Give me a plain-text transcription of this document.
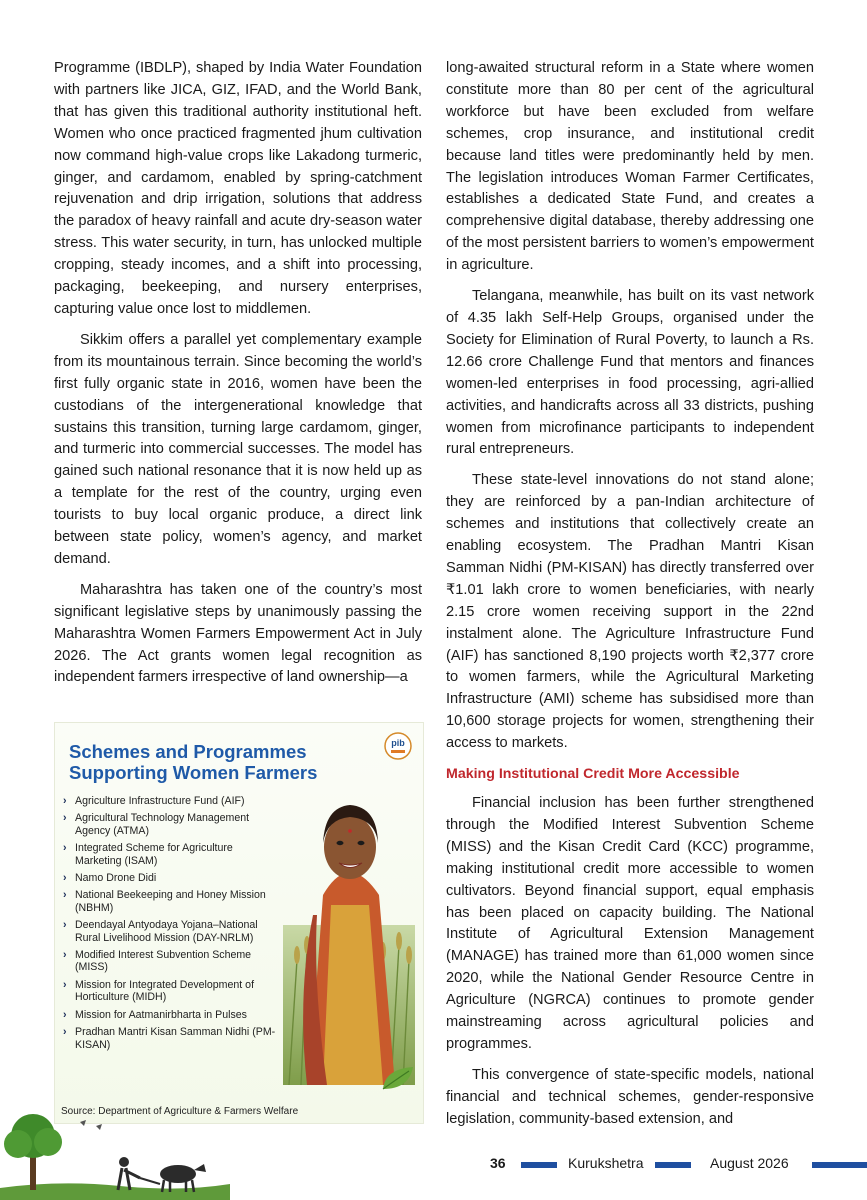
Programme (IBDLP), shaped by India Water Foundation with partners like JICA, GIZ, IFAD, and the World Bank, that has given this traditional authority institutional heft. Women who once practiced fragmented jhum cultivation now command high-value crops like Lakadong turmeric, ginger, and cardamom, enabled by spring-catchment rejuvenation and drip irrigation, solutions that address the paradox of heavy rainfall and acute dry-season water stress. This water security, in turn, has unlocked multiple cropping, steady incomes, and a shift into processing, packaging, beekeeping, and nursery enterprises, capturing value once lost to middlemen.

Sikkim offers a parallel yet complementary example from its mountainous terrain. Since becoming the world’s first fully organic state in 2016, women have been the custodians of the intergenerational knowledge that sustains this transition, turning large cardamom, ginger, and turmeric into commercial successes. The model has gained such national resonance that it is now held up as a template for the rest of the country, urging even tourists to buy local organic produce, a direct link between state policy, women’s agency, and market demand.

Maharashtra has taken one of the country’s most significant legislative steps by unanimously passing the Maharashtra Women Farmers Empowerment Act in July 2026. The Act grants women legal recognition as independent farmers irrespective of land ownership—a

long-awaited structural reform in a State where women constitute more than 80 per cent of the agricultural workforce but have been excluded from welfare schemes, crop insurance, and institutional credit because land titles were predominantly held by men. The legislation introduces Woman Farmer Certificates, establishes a dedicated State Fund, and creates a comprehensive digital database, thereby addressing one of the most persistent barriers to women’s empowerment in agriculture.

Telangana, meanwhile, has built on its vast network of 4.35 lakh Self-Help Groups, organised under the Society for Elimination of Rural Poverty, to launch a Rs. 12.66 crore Challenge Fund that mentors and finances women-led enterprises in food processing, agri-allied activities, and handicrafts across all 33 districts, pushing women from microfinance participants to independent rural entrepreneurs.

These state-level innovations do not stand alone; they are reinforced by a pan-Indian architecture of schemes and institutions that collectively create an enabling ecosystem. The Pradhan Mantri Kisan Samman Nidhi (PM-KISAN) has directly transferred over ₹1.01 lakh crore to women beneficiaries, with nearly 2.15 crore women receiving support in the 22nd instalment alone. The Agriculture Infrastructure Fund (AIF) has sanctioned 8,190 projects worth ₹2,377 crore to women farmers, while the Agricultural Marketing Infrastructure (AMI) scheme has subsidised more than 10,600 storage projects for women, strengthening their access to markets.

Making Institutional Credit More Accessible

Financial inclusion has been further strengthened through the Modified Interest Subvention Scheme (MISS) and the Kisan Credit Card (KCC) programme, making institutional credit more accessible to women cultivators. Beyond financial support, equal emphasis has been placed on capacity building. The National Institute of Agricultural Extension Management (MANAGE) has trained more than 61,000 women since 2020, while the National Gender Resource Centre in Agriculture (NGRCA) continues to promote gender mainstreaming across agricultural policies and programmes.

This convergence of state-specific models, national financial and technical schemes, gender-responsive legislation, community-based extension, and

Schemes and Programmes
Supporting Women Farmers
pib
› Agriculture Infrastructure Fund (AIF)
› Agricultural Technology Management Agency (ATMA)
› Integrated Scheme for Agriculture Marketing (ISAM)
› Namo Drone Didi
› National Beekeeping and Honey Mission (NBHM)
› Deendayal Antyodaya Yojana–National Rural Livelihood Mission (DAY-NRLM)
› Modified Interest Subvention Scheme (MISS)
› Mission for Integrated Development of Horticulture (MIDH)
› Mission for Aatmanirbharta in Pulses
› Pradhan Mantri Kisan Samman Nidhi (PM-KISAN)
Source: Department of Agriculture & Farmers Welfare
36	Kurukshetra	August 2026
